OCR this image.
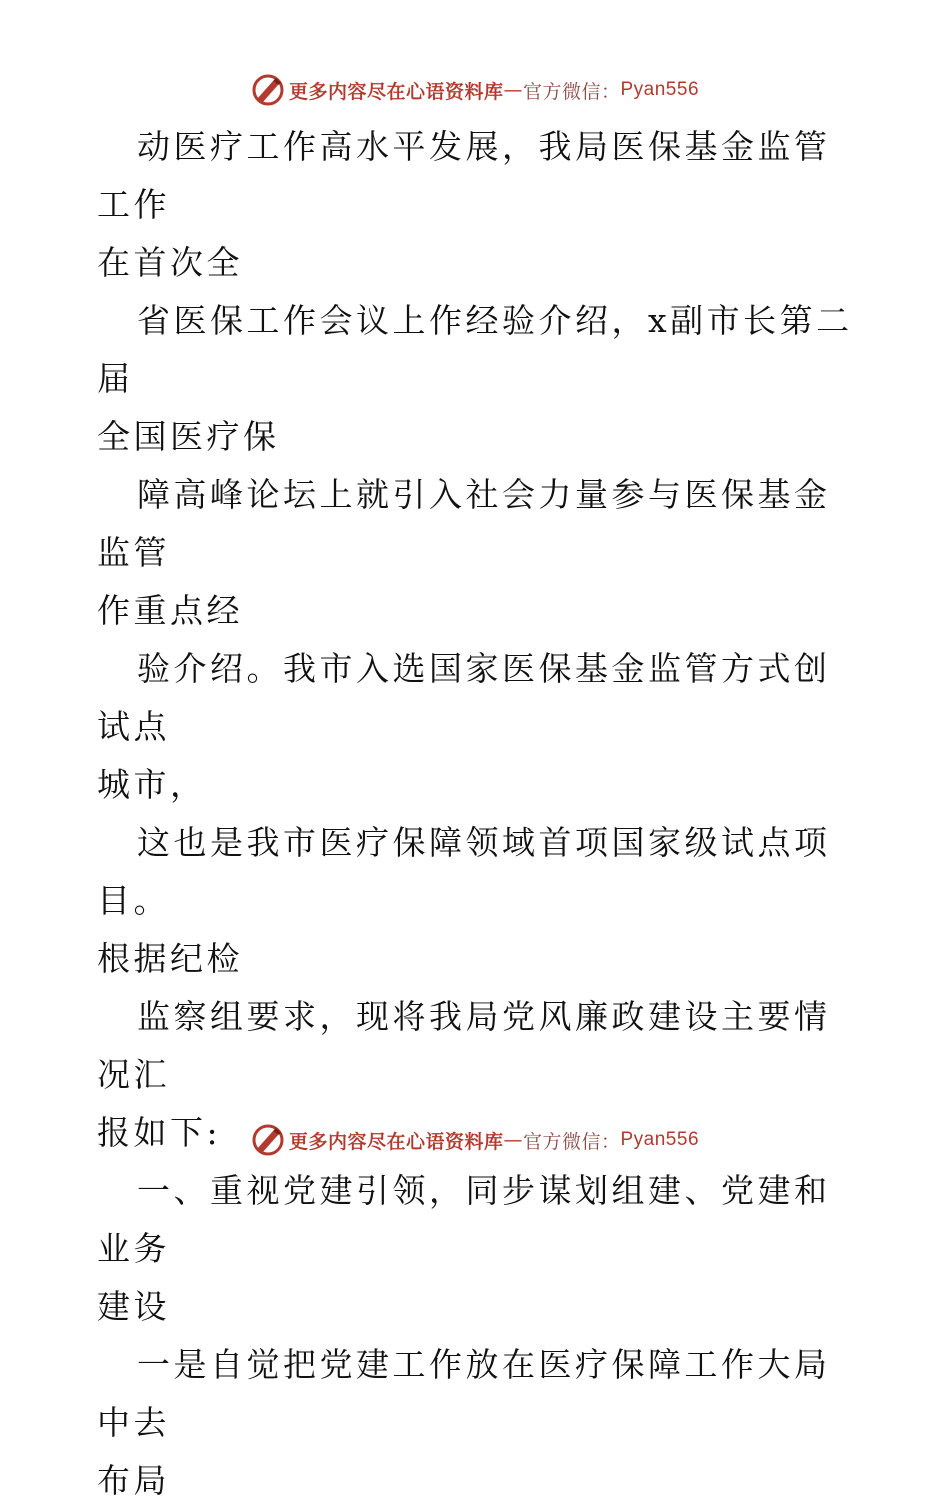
更多内容尽在心语资料库 — 官方微信： Pyan556

动医疗工作高水平发展，我局医保基金监管工作
在首次全

省医保工作会议上作经验介绍，x副市长第二届
全国医疗保

障高峰论坛上就引入社会力量参与医保基金监管
作重点经

验介绍。我市入选国家医保基金监管方式创试点
城市，

这也是我市医疗保障领域首项国家级试点项目。
根据纪检

监察组要求，现将我局党风廉政建设主要情况汇
报如下:

一、重视党建引领，同步谋划组建、党建和业务
建设

一是自觉把党建工作放在医疗保障工作大局中去
布局

更多内容尽在心语资料库 — 官方微信： Pyan556
